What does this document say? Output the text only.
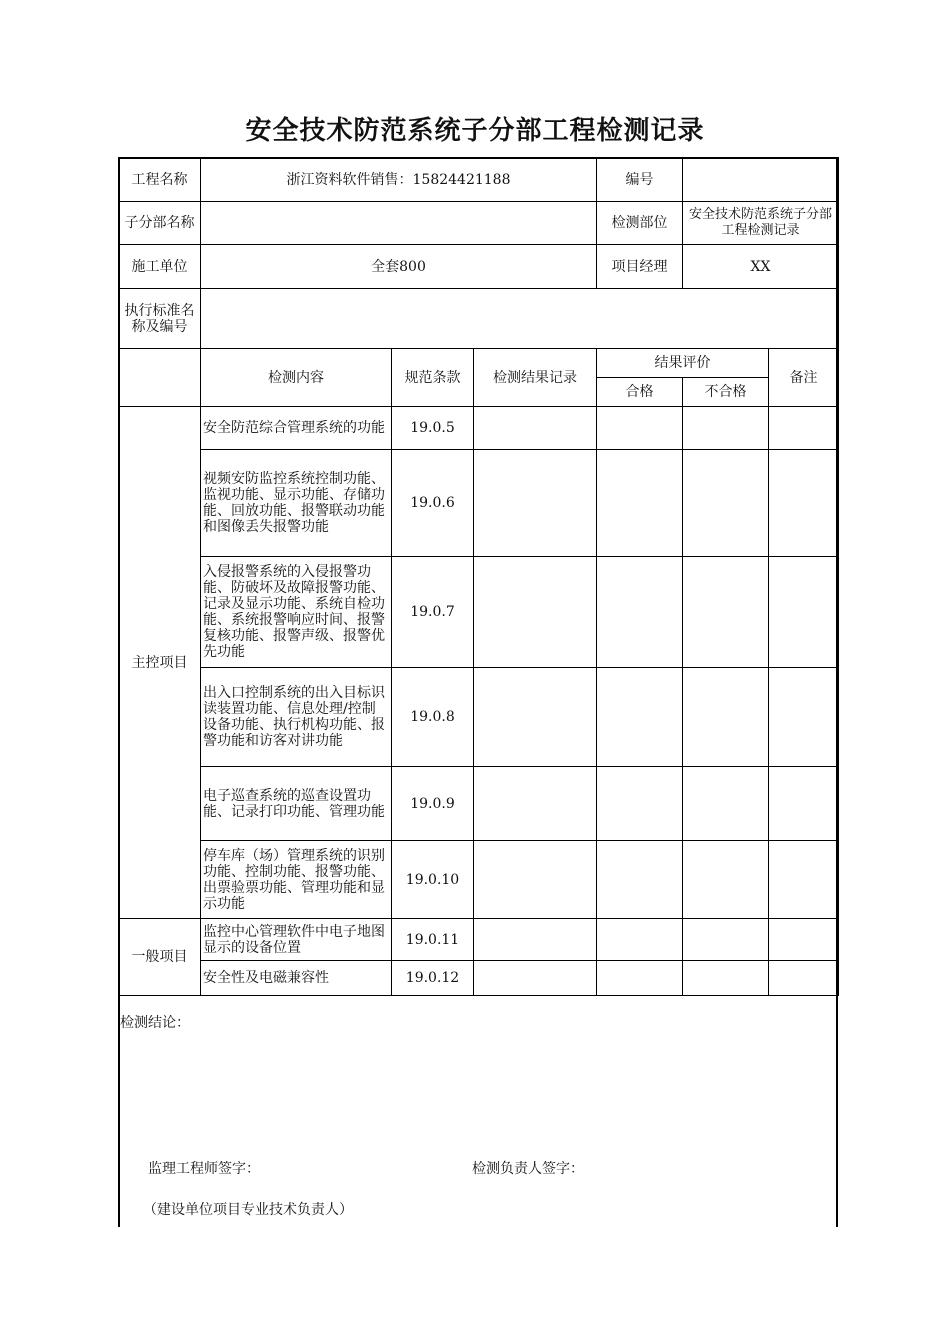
安全技术防范系统子分部工程检测记录
工程名称	浙江资料软件销售：15824421188			编号		
子分部名称				检测部位	安全技术防范系统子分部工程检测记录	
施工单位	全套800			项目经理	XX	
执行标准名称及编号						
	检测内容	规范条款	检测结果记录	结果评价		备注
				合格	不合格	
主控项目	安全防范综合管理系统的功能	19.0.5				
	视频安防监控系统控制功能、监视功能、显示功能、存储功能、回放功能、报警联动功能和图像丢失报警功能	19.0.6				
	入侵报警系统的入侵报警功能、防破坏及故障报警功能、记录及显示功能、系统自检功能、系统报警响应时间、报警复核功能、报警声级、报警优先功能	19.0.7				
	出入口控制系统的出入目标识读装置功能、信息处理/控制设备功能、执行机构功能、报警功能和访客对讲功能	19.0.8				
	电子巡查系统的巡查设置功能、记录打印功能、管理功能	19.0.9				
	停车库（场）管理系统的识别功能、控制功能、报警功能、出票验票功能、管理功能和显示功能	19.0.10				
一般项目	监控中心管理软件中电子地图显示的设备位置	19.0.11				
	安全性及电磁兼容性	19.0.12				
检测结论：
监理工程师签字：	检测负责人签字：
（建设单位项目专业技术负责人）
